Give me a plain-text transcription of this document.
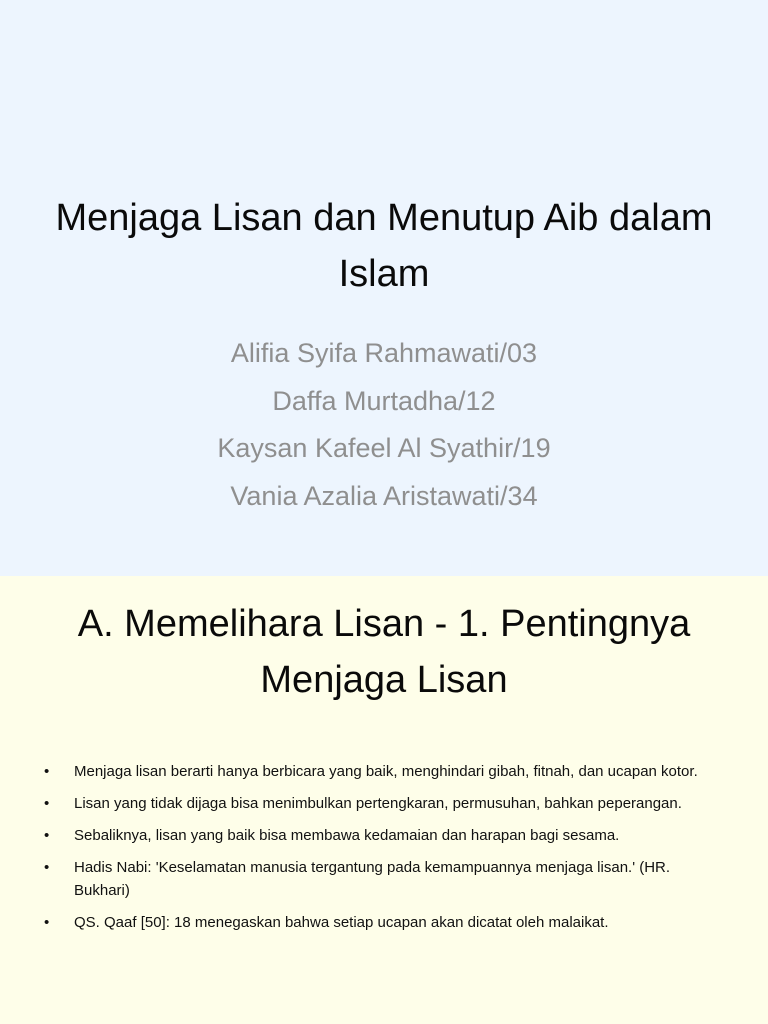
Menjaga Lisan dan Menutup Aib dalam Islam
Alifia Syifa Rahmawati/03
Daffa Murtadha/12
Kaysan Kafeel Al Syathir/19
Vania Azalia Aristawati/34
A. Memelihara Lisan - 1. Pentingnya Menjaga Lisan
• Menjaga lisan berarti hanya berbicara yang baik, menghindari gibah, fitnah, dan ucapan kotor.
• Lisan yang tidak dijaga bisa menimbulkan pertengkaran, permusuhan, bahkan peperangan.
• Sebaliknya, lisan yang baik bisa membawa kedamaian dan harapan bagi sesama.
• Hadis Nabi: 'Keselamatan manusia tergantung pada kemampuannya menjaga lisan.' (HR. Bukhari)
• QS. Qaaf [50]: 18 menegaskan bahwa setiap ucapan akan dicatat oleh malaikat.
